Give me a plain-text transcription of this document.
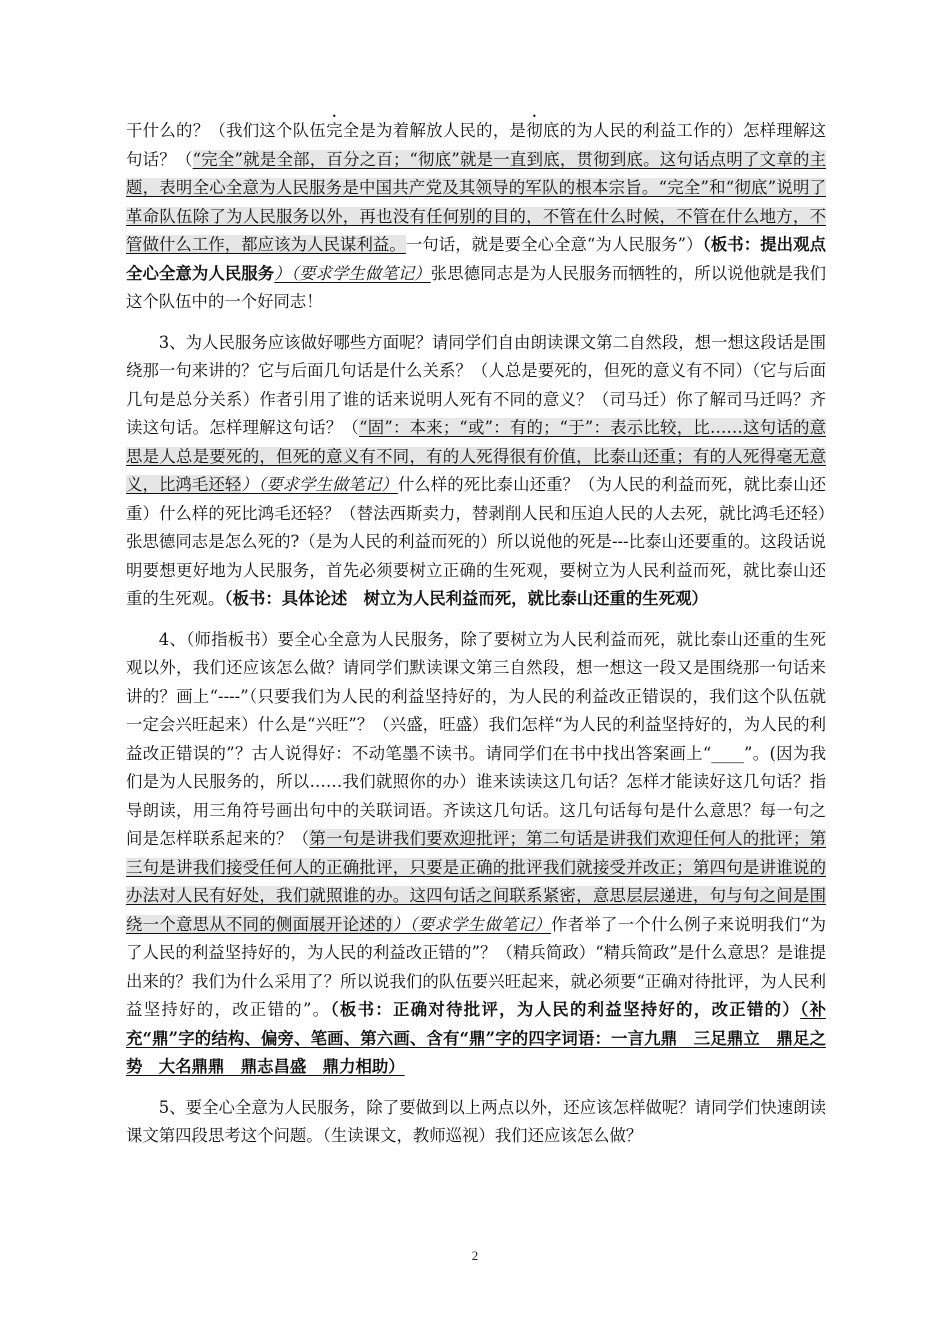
干什么的？（我们这个队伍完全是为着解放人民的，是彻底的为人民的利益工作的）怎样理解这句话？（“完全”就是全部，百分之百；“彻底”就是一直到底，贯彻到底。这句话点明了文章的主题，表明全心全意为人民服务是中国共产党及其领导的军队的根本宗旨。“完全”和“彻底”说明了革命队伍除了为人民服务以外，再也没有任何别的目的，不管在什么时候，不管在什么地方，不管做什么工作，都应该为人民谋利益。一句话，就是要全心全意“为人民服务”）（板书：提出观点　全心全意为人民服务）（要求学生做笔记）张思德同志是为人民服务而牺牲的，所以说他就是我们这个队伍中的一个好同志！

3、为人民服务应该做好哪些方面呢？请同学们自由朗读课文第二自然段，想一想这段话是围绕那一句来讲的？它与后面几句话是什么关系？（人总是要死的，但死的意义有不同）（它与后面几句是总分关系）作者引用了谁的话来说明人死有不同的意义？（司马迁）你了解司马迁吗？齐读这句话。怎样理解这句话？（“固”：本来；“或”：有的；“于”：表示比较，比……这句话的意思是人总是要死的，但死的意义有不同，有的人死得很有价值，比泰山还重；有的人死得毫无意义，比鸿毛还轻）（要求学生做笔记）什么样的死比泰山还重？（为人民的利益而死，就比泰山还重）什么样的死比鸿毛还轻？（替法西斯卖力，替剥削人民和压迫人民的人去死，就比鸿毛还轻）张思德同志是怎么死的?（是为人民的利益而死的）所以说他的死是---比泰山还要重的。这段话说明要想更好地为人民服务，首先必须要树立正确的生死观，要树立为人民利益而死，就比泰山还重的生死观。（板书：具体论述　树立为人民利益而死，就比泰山还重的生死观）

4、（师指板书）要全心全意为人民服务，除了要树立为人民利益而死，就比泰山还重的生死观以外，我们还应该怎么做？请同学们默读课文第三自然段，想一想这一段又是围绕那一句话来讲的？画上“----”（只要我们为人民的利益坚持好的，为人民的利益改正错误的，我们这个队伍就一定会兴旺起来）什么是“兴旺”？（兴盛，旺盛）我们怎样“为人民的利益坚持好的，为人民的利益改正错误的”？古人说得好：不动笔墨不读书。请同学们在书中找出答案画上“____”。(因为我们是为人民服务的，所以……我们就照你的办）谁来读读这几句话？怎样才能读好这几句话？指导朗读，用三角符号画出句中的关联词语。齐读这几句话。这几句话每句是什么意思？每一句之间是怎样联系起来的？（第一句是讲我们要欢迎批评；第二句话是讲我们欢迎任何人的批评；第三句是讲我们接受任何人的正确批评，只要是正确的批评我们就接受并改正；第四句是讲谁说的办法对人民有好处，我们就照谁的办。这四句话之间联系紧密，意思层层递进，句与句之间是围绕一个意思从不同的侧面展开论述的）（要求学生做笔记）作者举了一个什么例子来说明我们“为了人民的利益坚持好的，为人民的利益改正错的”？（精兵简政）“精兵简政”是什么意思？是谁提出来的？我们为什么采用了？所以说我们的队伍要兴旺起来，就必须要“正确对待批评，为人民利益坚持好的，改正错的”。（板书：正确对待批评，为人民的利益坚持好的，改正错的）（补充“鼎”字的结构、偏旁、笔画、第六画、含有“鼎”字的四字词语：一言九鼎　三足鼎立　鼎足之势　大名鼎鼎　鼎志昌盛　鼎力相助）

5、要全心全意为人民服务，除了要做到以上两点以外，还应该怎样做呢？请同学们快速朗读课文第四段思考这个问题。（生读课文，教师巡视）我们还应该怎么做？

2
